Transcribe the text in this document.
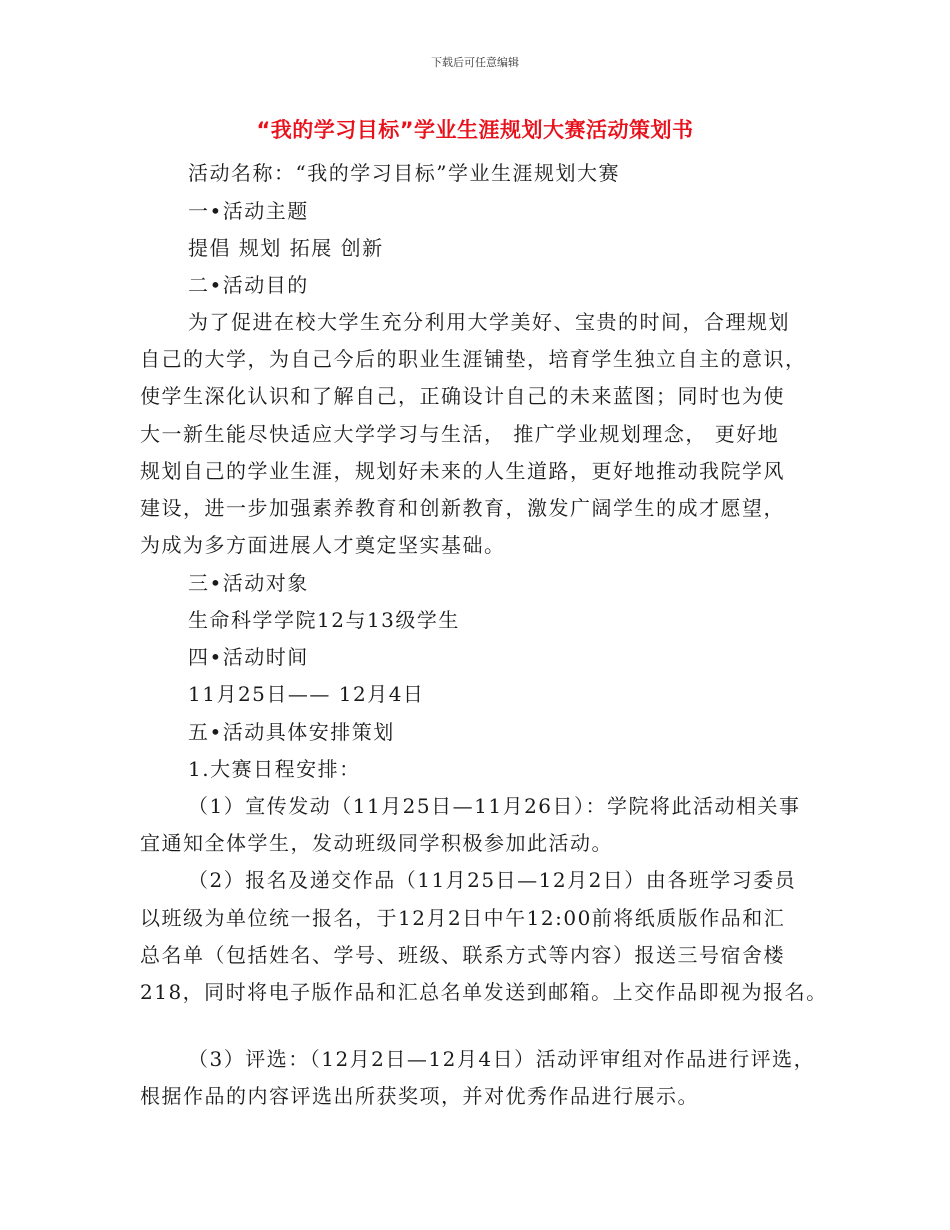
下载后可任意编辑
“我的学习目标”学业生涯规划大赛活动策划书
活动名称：“我的学习目标”学业生涯规划大赛
一•活动主题
提倡 规划 拓展 创新
二•活动目的
为了促进在校大学生充分利用大学美好、宝贵的时间，合理规划
自己的大学，为自己今后的职业生涯铺垫，培育学生独立自主的意识，
使学生深化认识和了解自己，正确设计自己的未来蓝图；同时也为使
大一新生能尽快适应大学学习与生活， 推广学业规划理念， 更好地
规划自己的学业生涯，规划好未来的人生道路，更好地推动我院学风
建设，进一步加强素养教育和创新教育，激发广阔学生的成才愿望，
为成为多方面进展人才奠定坚实基础。
三•活动对象
生命科学学院12与13级学生
四•活动时间
11月25日—— 12月4日
五•活动具体安排策划
1.大赛日程安排：
（1）宣传发动（11月25日—11月26日）：学院将此活动相关事
宜通知全体学生，发动班级同学积极参加此活动。
（2）报名及递交作品（11月25日—12月2日）由各班学习委员
以班级为单位统一报名，于12月2日中午12:00前将纸质版作品和汇
总名单（包括姓名、学号、班级、联系方式等内容）报送三号宿舍楼
218，同时将电子版作品和汇总名单发送到邮箱。上交作品即视为报名。
（3）评选：（12月2日—12月4日）活动评审组对作品进行评选，
根据作品的内容评选出所获奖项，并对优秀作品进行展示。
